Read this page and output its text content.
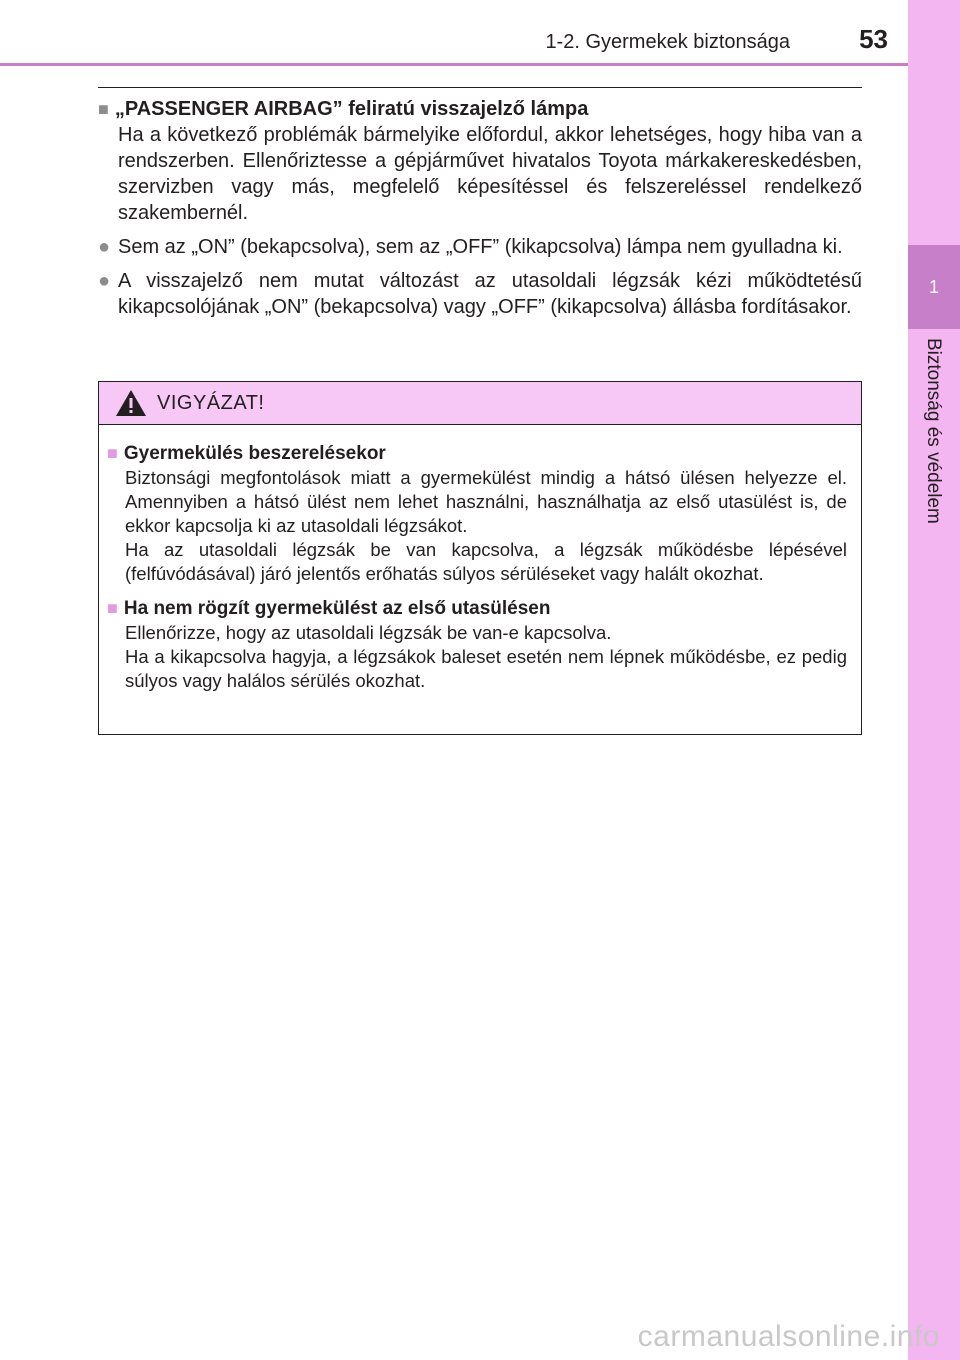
1
Biztonság és védelem
1-2. Gyermekek biztonsága	53
■ „PASSENGER AIRBAG” feliratú visszajelző lámpa

Ha a következő problémák bármelyike előfordul, akkor lehetséges, hogy hiba van a rendszerben. Ellenőriztesse a gépjárművet hivatalos Toyota márkakereskedésben, szervizben vagy más, megfelelő képesítéssel és felszereléssel rendelkező szakembernél.

● Sem az „ON” (bekapcsolva), sem az „OFF” (kikapcsolva) lámpa nem gyulladna ki.
● A visszajelző nem mutat változást az utasoldali légzsák kézi működtetésű kikapcsolójának „ON” (bekapcsolva) vagy „OFF” (kikapcsolva) állásba fordításakor.
VIGYÁZAT!
■ Gyermekülés beszerelésekor

Biztonsági megfontolások miatt a gyermekülést mindig a hátsó ülésen helyezze el. Amennyiben a hátsó ülést nem lehet használni, használhatja az első utasülést is, de ekkor kapcsolja ki az utasoldali légzsákot.

Ha az utasoldali légzsák be van kapcsolva, a légzsák működésbe lépésével (felfúvódásával) járó jelentős erőhatás súlyos sérüléseket vagy halált okozhat.

■ Ha nem rögzít gyermekülést az első utasülésen

Ellenőrizze, hogy az utasoldali légzsák be van-e kapcsolva.

Ha a kikapcsolva hagyja, a légzsákok baleset esetén nem lépnek működésbe, ez pedig súlyos vagy halálos sérülés okozhat.

carmanualsonline.info
